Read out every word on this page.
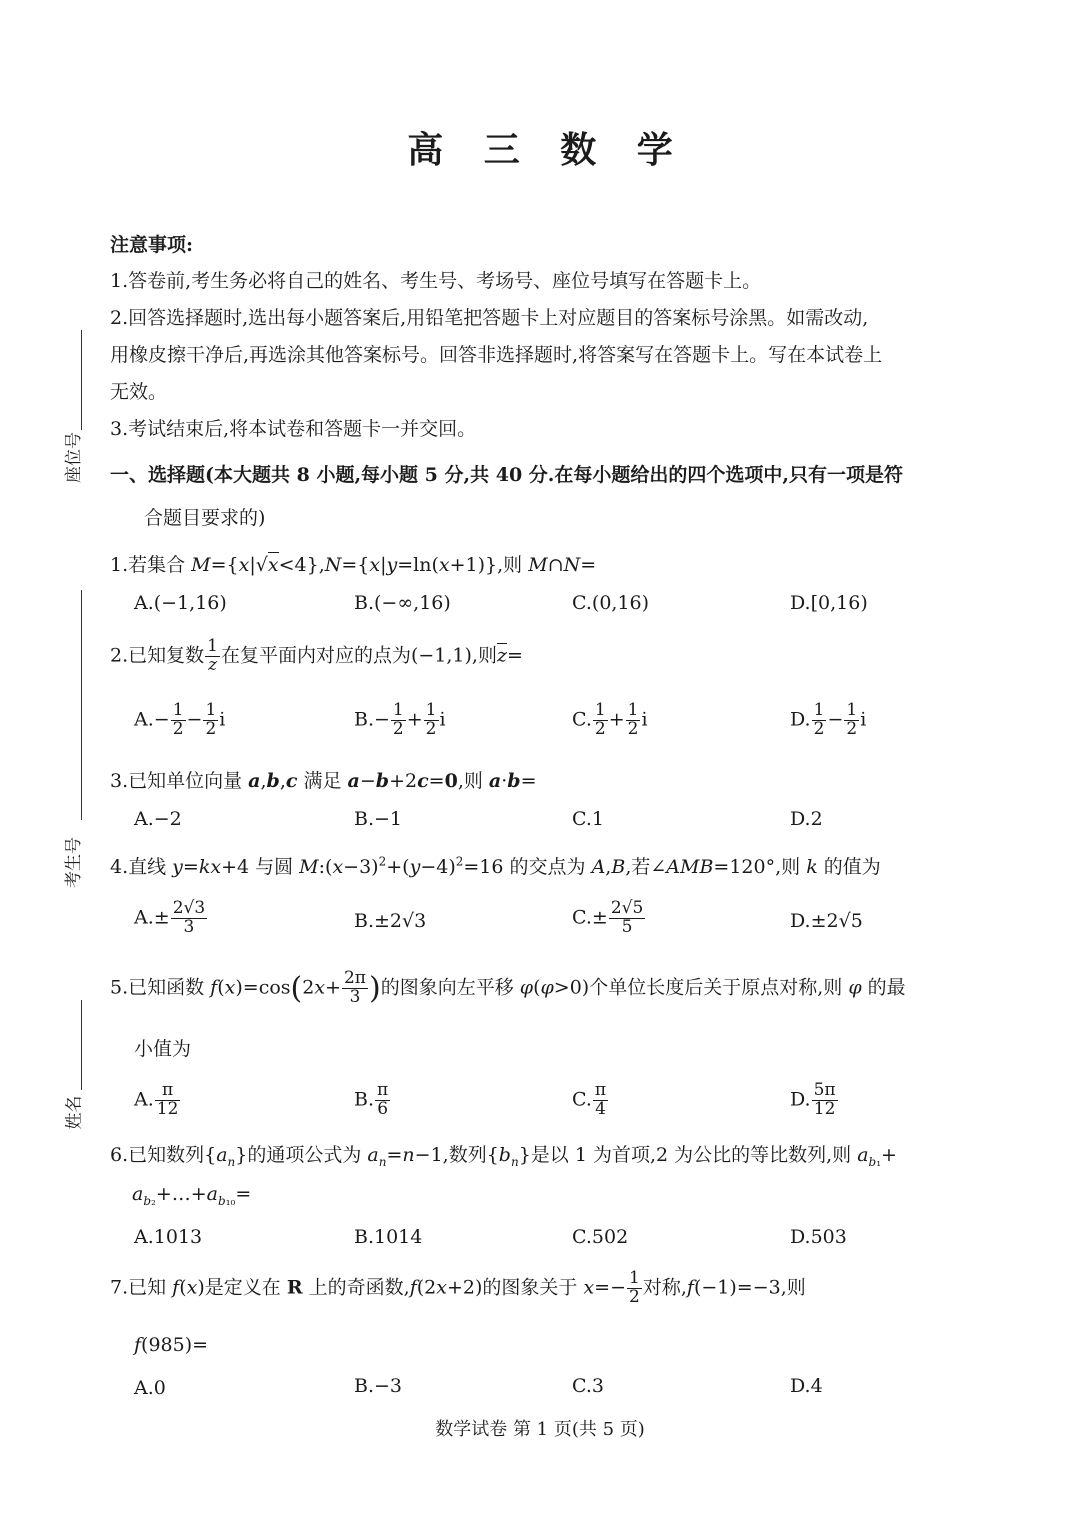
座位号
考生号
姓名
高 三 数 学
注意事项:
1.答卷前,考生务必将自己的姓名、考生号、考场号、座位号填写在答题卡上。
2.回答选择题时,选出每小题答案后,用铅笔把答题卡上对应题目的答案标号涂黑。如需改动,
用橡皮擦干净后,再选涂其他答案标号。回答非选择题时,将答案写在答题卡上。写在本试卷上
无效。
3.考试结束后,将本试卷和答题卡一并交回。
一、选择题(本大题共 8 小题,每小题 5 分,共 40 分.在每小题给出的四个选项中,只有一项是符
合题目要求的)
1.若集合 M={x|√x<4},N={x|y=ln(x+1)},则 M∩N=
A.(−1,16)	B.(−∞,16)	C.(0,16)	D.[0,16)
2.已知复数 $\frac{1}{z}$ 在复平面内对应的点为(−1,1),则$\overline{z}=$
$A.- \frac{1}{2} - \frac{1}{2}$ i	$B.- \frac{1}{2} + \frac{1}{2}$ i	C. $\frac{1}{2} + \frac{1}{2}$ i	D. $\frac{1}{2} - \frac{1}{2}$ i
3.已知单位向量 a,b,c 满足 a−b+2c=0,则 a·b=
A.−2	B.−1	C.1	D.2
4.直线 y=kx+4 与圆 $M:(x-3)^2+(y-4)^2=16$ 的交点为 A,B,若∠AMB=120°,则 k 的值为
$A.\pm \frac{2√3}{3}$	B.±2√3	$C.\pm \frac{2√5}{5}$	D.±2√5
5.已知函数 $f(x)=\cos(2x+ \frac{2\pi}{3}$ )的图象向左平移 φ(φ>0)个单位长度后关于原点对称,则 φ 的最
小值为
A. $\frac{\pi}{12}$	B. $\frac{\pi}{6}$	C. $\frac{\pi}{4}$	D. $\frac{5\pi}{12}$
6.已知数列$\{a_n\}$的通项公式为 $a_n=n-1$,数列$\{b_n\}$是以 1 为首项,2 为公比的等比数列,则 $a_{b_1}+$
$a_{b_2}+\dots+a_{b_{10}}=$
A.1013	B.1014	C.502	D.503
7.已知 f(x)是定义在 R 上的奇函数,f(2x+2)的图象关于 $x=- \frac{1}{2}$ 对称,f(−1)=−3,则
f(985)=
A.0	B.−3	C.3	D.4
数学试卷 第 1 页(共 5 页)
